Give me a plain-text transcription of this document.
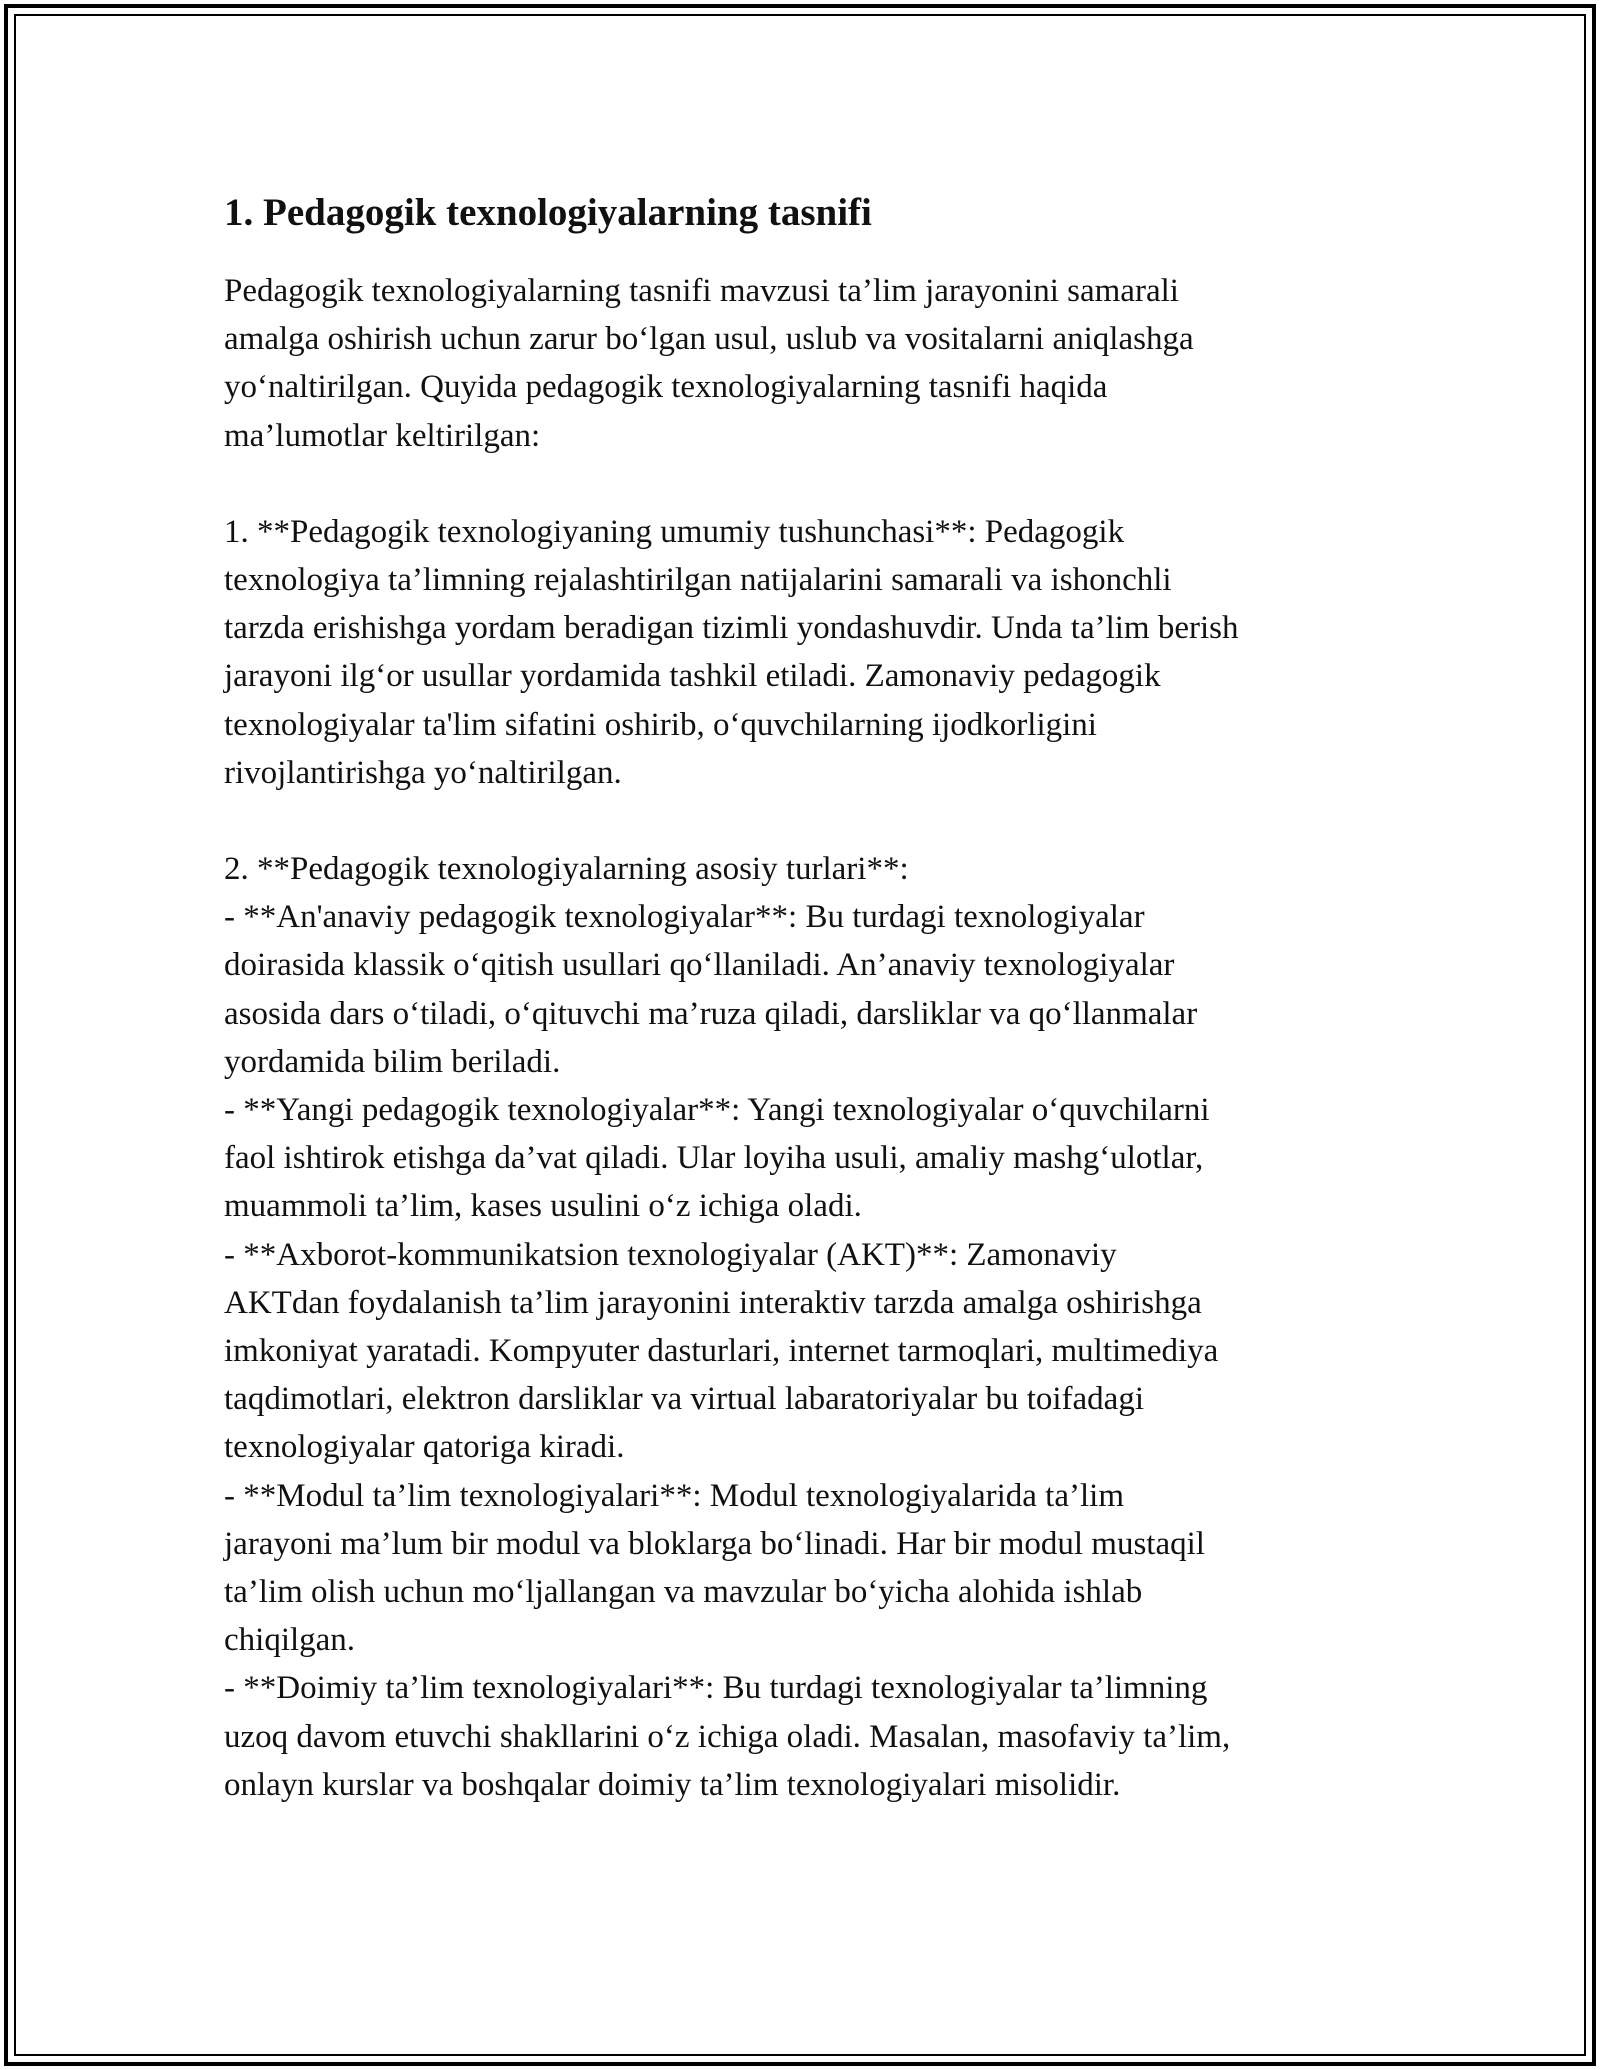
1. Pedagogik texnologiyalarning tasnifi

Pedagogik texnologiyalarning tasnifi mavzusi ta’lim jarayonini samarali
amalga oshirish uchun zarur bo‘lgan usul, uslub va vositalarni aniqlashga
yo‘naltirilgan. Quyida pedagogik texnologiyalarning tasnifi haqida
ma’lumotlar keltirilgan:

1. **Pedagogik texnologiyaning umumiy tushunchasi**: Pedagogik
texnologiya ta’limning rejalashtirilgan natijalarini samarali va ishonchli
tarzda erishishga yordam beradigan tizimli yondashuvdir. Unda ta’lim berish
jarayoni ilg‘or usullar yordamida tashkil etiladi. Zamonaviy pedagogik
texnologiyalar ta'lim sifatini oshirib, o‘quvchilarning ijodkorligini
rivojlantirishga yo‘naltirilgan.

2. **Pedagogik texnologiyalarning asosiy turlari**:
- **An'anaviy pedagogik texnologiyalar**: Bu turdagi texnologiyalar
doirasida klassik o‘qitish usullari qo‘llaniladi. An’anaviy texnologiyalar
asosida dars o‘tiladi, o‘qituvchi ma’ruza qiladi, darsliklar va qo‘llanmalar
yordamida bilim beriladi.
- **Yangi pedagogik texnologiyalar**: Yangi texnologiyalar o‘quvchilarni
faol ishtirok etishga da’vat qiladi. Ular loyiha usuli, amaliy mashg‘ulotlar,
muammoli ta’lim, kases usulini o‘z ichiga oladi.
- **Axborot-kommunikatsion texnologiyalar (AKT)**: Zamonaviy
AKTdan foydalanish ta’lim jarayonini interaktiv tarzda amalga oshirishga
imkoniyat yaratadi. Kompyuter dasturlari, internet tarmoqlari, multimediya
taqdimotlari, elektron darsliklar va virtual labaratoriyalar bu toifadagi
texnologiyalar qatoriga kiradi.
- **Modul ta’lim texnologiyalari**: Modul texnologiyalarida ta’lim
jarayoni ma’lum bir modul va bloklarga bo‘linadi. Har bir modul mustaqil
ta’lim olish uchun mo‘ljallangan va mavzular bo‘yicha alohida ishlab
chiqilgan.
- **Doimiy ta’lim texnologiyalari**: Bu turdagi texnologiyalar ta’limning
uzoq davom etuvchi shakllarini o‘z ichiga oladi. Masalan, masofaviy ta’lim,
onlayn kurslar va boshqalar doimiy ta’lim texnologiyalari misolidir.
